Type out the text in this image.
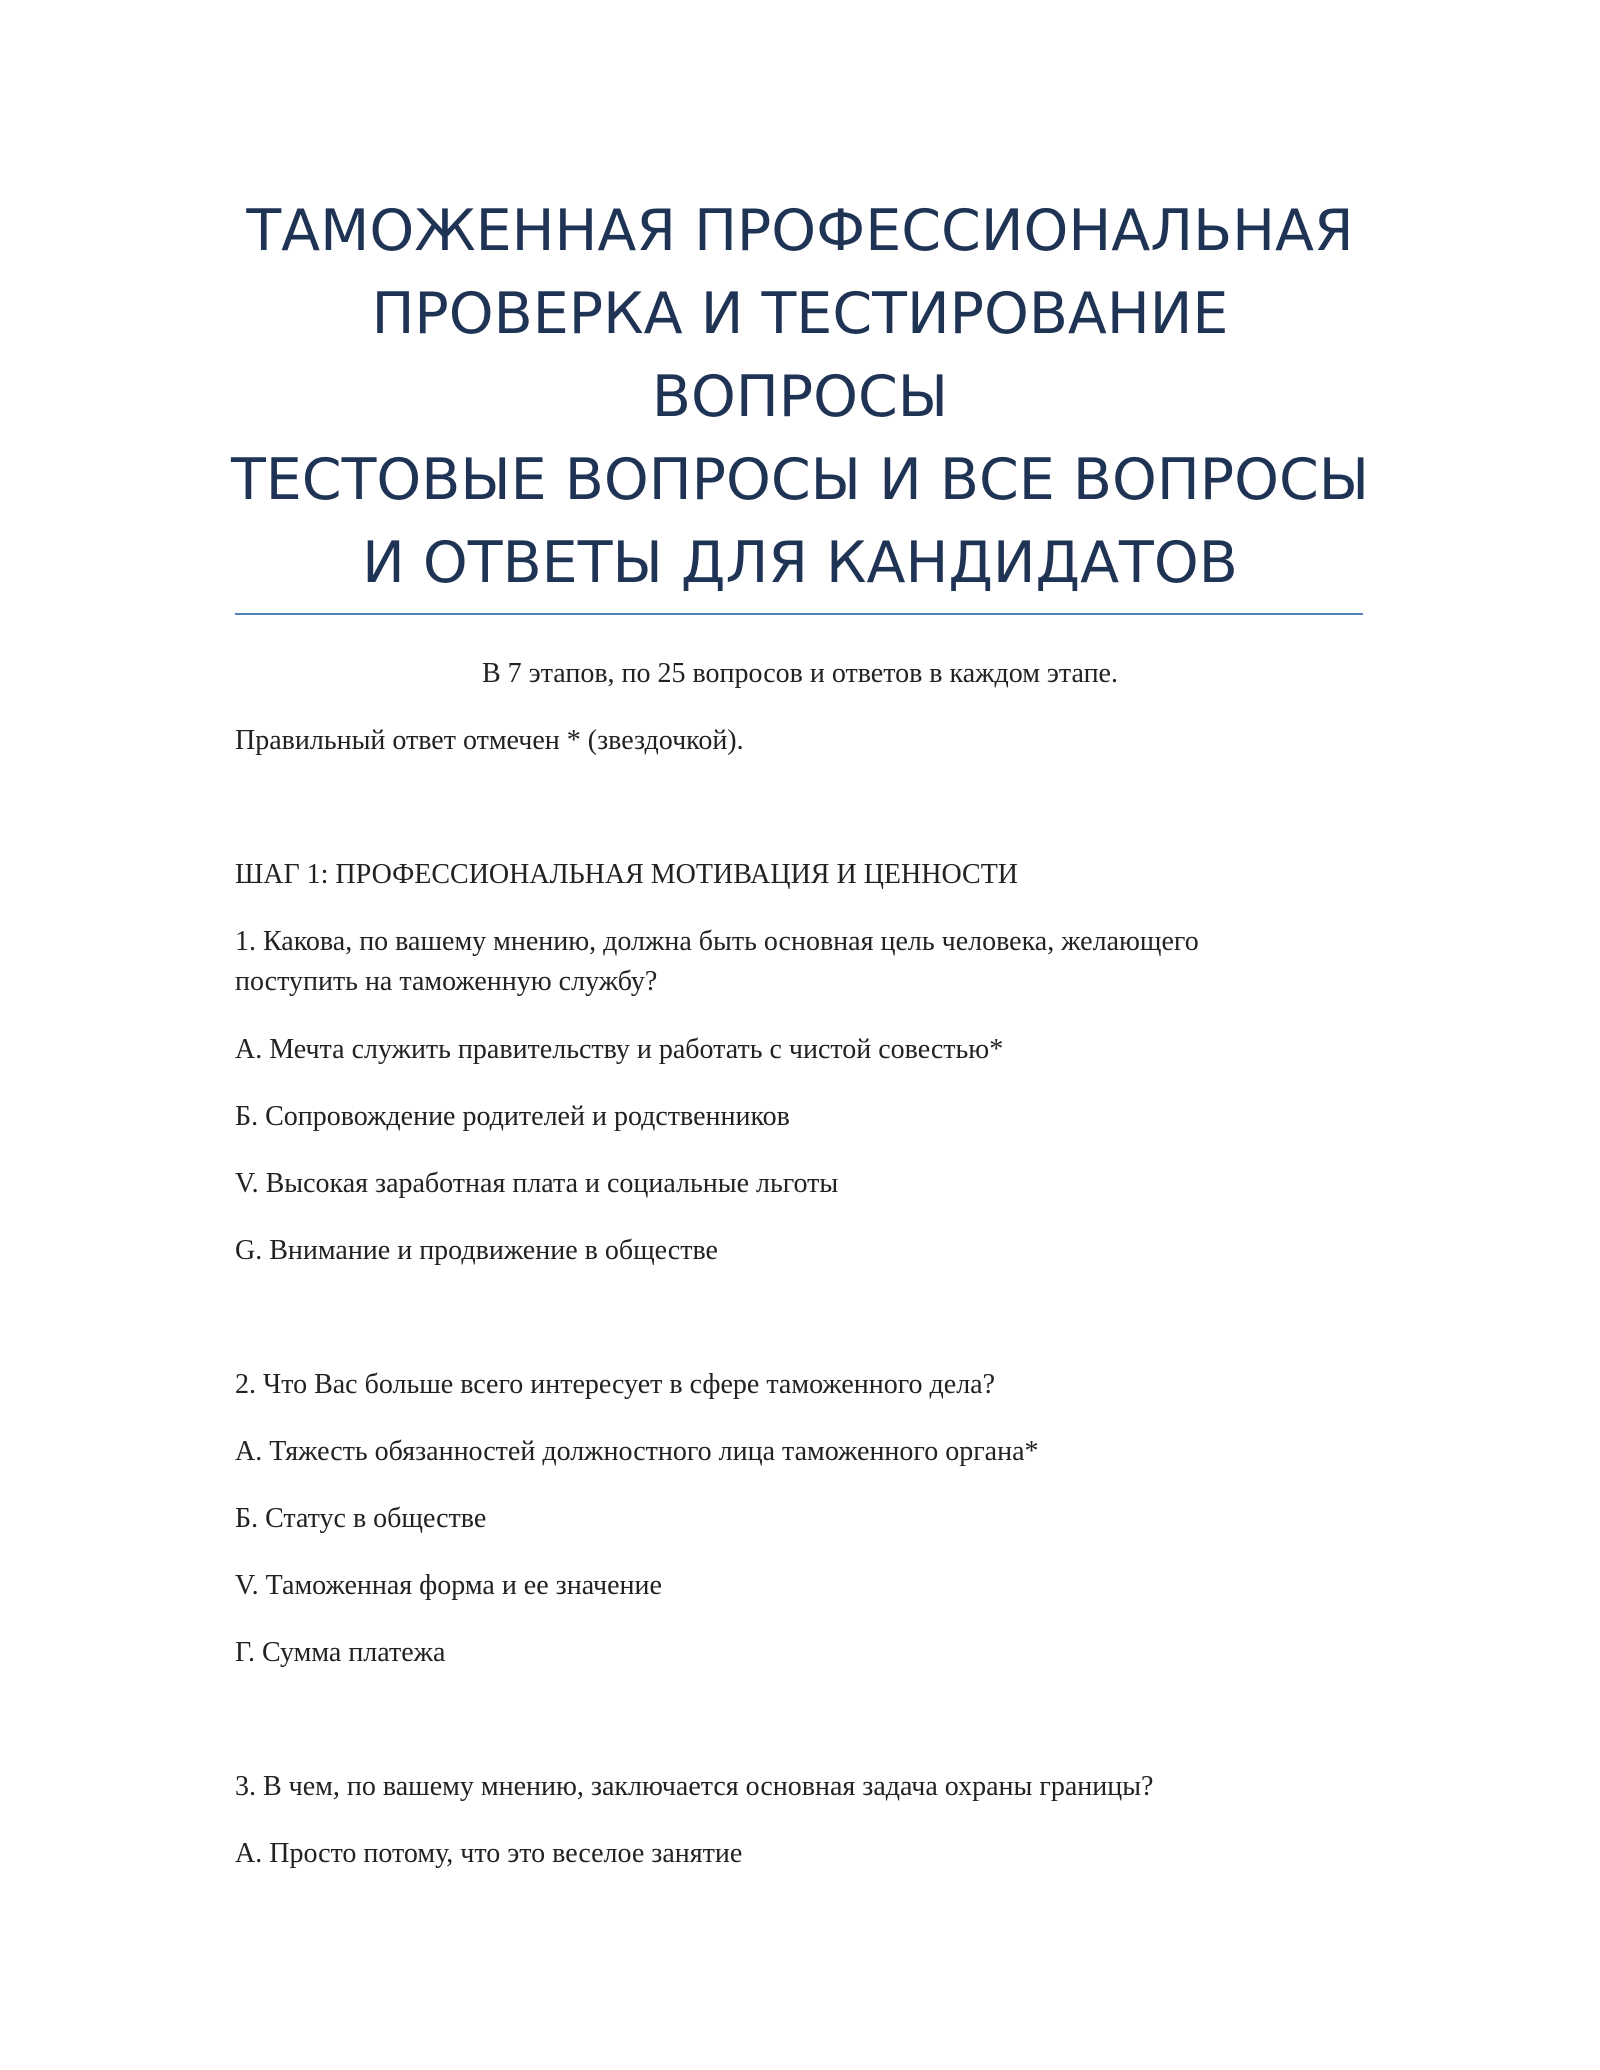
ТАМОЖЕННАЯ ПРОФЕССИОНАЛЬНАЯ
ПРОВЕРКА И ТЕСТИРОВАНИЕ
ВОПРОСЫ
ТЕСТОВЫЕ ВОПРОСЫ И ВСЕ ВОПРОСЫ
И ОТВЕТЫ ДЛЯ КАНДИДАТОВ
В 7 этапов, по 25 вопросов и ответов в каждом этапе.
Правильный ответ отмечен * (звездочкой).
ШАГ 1: ПРОФЕССИОНАЛЬНАЯ МОТИВАЦИЯ И ЦЕННОСТИ
1. Какова, по вашему мнению, должна быть основная цель человека, желающего
поступить на таможенную службу?
А. Мечта служить правительству и работать с чистой совестью*
Б. Сопровождение родителей и родственников
V. Высокая заработная плата и социальные льготы
G. Внимание и продвижение в обществе
2. Что Вас больше всего интересует в сфере таможенного дела?
А. Тяжесть обязанностей должностного лица таможенного органа*
Б. Статус в обществе
V. Таможенная форма и ее значение
Г. Сумма платежа
3. В чем, по вашему мнению, заключается основная задача охраны границы?
А. Просто потому, что это веселое занятие
